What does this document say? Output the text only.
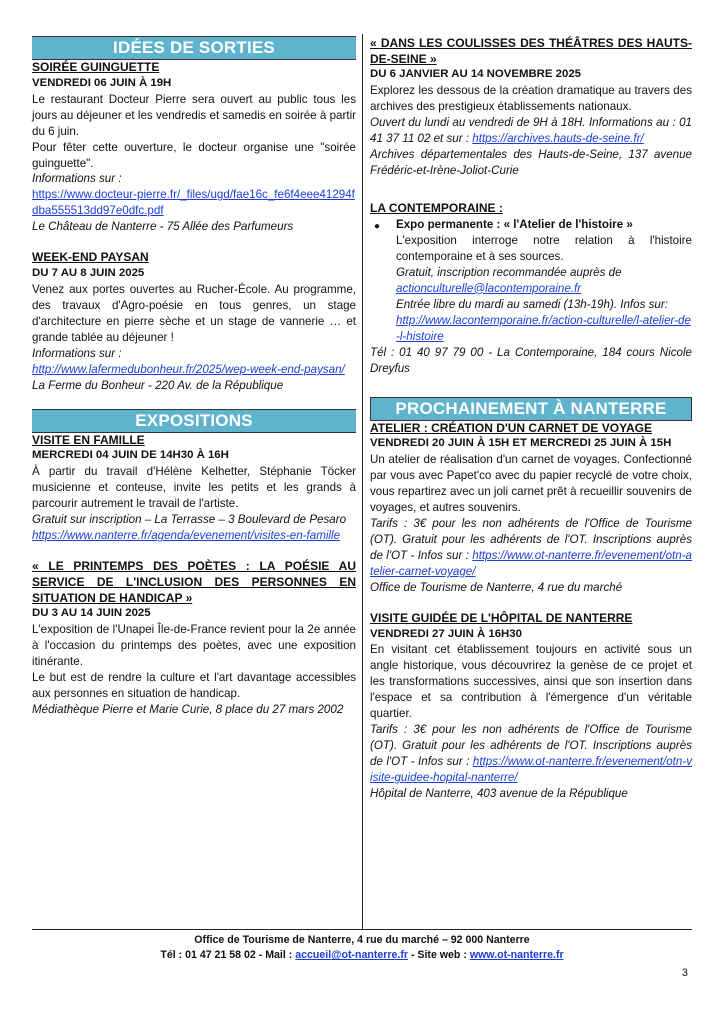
IDÉES DE SORTIES
SOIRÉE GUINGUETTE
VENDREDI 06 JUIN À 19H

Le restaurant Docteur Pierre sera ouvert au public tous les jours au déjeuner et les vendredis et samedis en soirée à partir du 6 juin.

Pour fêter cette ouverture, le docteur organise une "soirée guinguette".

Informations sur :

https://www.docteur-pierre.fr/_files/ugd/fae16c_fe6f4eee41294fdba555513dd97e0dfc.pdf

Le Château de Nanterre - 75 Allée des Parfumeurs

WEEK-END PAYSAN
DU 7 AU 8 JUIN 2025

Venez aux portes ouvertes au Rucher-École. Au programme, des travaux d'Agro-poésie en tous genres, un stage d'architecture en pierre sèche et un stage de vannerie … et grande tablée au déjeuner !

Informations sur :

http://www.lafermedubonheur.fr/2025/wep-week-end-paysan/

La Ferme du Bonheur - 220 Av. de la République

EXPOSITIONS
VISITE EN FAMILLE
MERCREDI 04 JUIN DE 14H30 À 16H

À partir du travail d'Hélène Kelhetter, Stéphanie Töcker musicienne et conteuse, invite les petits et les grands à parcourir autrement le travail de l'artiste.

Gratuit sur inscription – La Terrasse – 3 Boulevard de Pesaro

https://www.nanterre.fr/agenda/evenement/visites-en-famille

« LE PRINTEMPS DES POÈTES : LA POÉSIE AU SERVICE DE L'INCLUSION DES PERSONNES EN SITUATION DE HANDICAP »
DU 3 AU 14 JUIN 2025

L'exposition de l'Unapei Île-de-France revient pour la 2e année à l'occasion du printemps des poètes, avec une exposition itinérante.

Le but est de rendre la culture et l'art davantage accessibles aux personnes en situation de handicap.

Médiathèque Pierre et Marie Curie, 8 place du 27 mars 2002

« DANS LES COULISSES DES THÉÂTRES DES HAUTS-DE-SEINE »
DU 6 JANVIER AU 14 NOVEMBRE 2025

Explorez les dessous de la création dramatique au travers des archives des prestigieux établissements nationaux.

Ouvert du lundi au vendredi de 9H à 18H. Informations au : 01 41 37 11 02 et sur : https://archives.hauts-de-seine.fr/

Archives départementales des Hauts-de-Seine, 137 avenue Frédéric-et-Irène-Joliot-Curie

LA CONTEMPORAINE :
●	Expo permanente : « l'Atelier de l'histoire »

L'exposition interroge notre relation à l'histoire contemporaine et à ses sources.

Gratuit, inscription recommandée auprès de

actionculturelle@lacontemporaine.fr

Entrée libre du mardi au samedi (13h-19h). Infos sur:

http://www.lacontemporaine.fr/action-culturelle/l-atelier-de-l-histoire

Tél : 01 40 97 79 00 - La Contemporaine, 184 cours Nicole Dreyfus

PROCHAINEMENT À NANTERRE
ATELIER : CRÉATION D'UN CARNET DE VOYAGE
VENDREDI 20 JUIN À 15H ET MERCREDI 25 JUIN À 15H

Un atelier de réalisation d'un carnet de voyages. Confectionné par vous avec Papet'co avec du papier recyclé de votre choix, vous repartirez avec un joli carnet prêt à recueillir souvenirs de voyages, et autres souvenirs.

Tarifs : 3€ pour les non adhérents de l'Office de Tourisme (OT). Gratuit pour les adhérents de l'OT. Inscriptions auprès de l'OT - Infos sur : https://www.ot-nanterre.fr/evenement/otn-atelier-carnet-voyage/

Office de Tourisme de Nanterre, 4 rue du marché

VISITE GUIDÉE DE L'HÔPITAL DE NANTERRE
VENDREDI 27 JUIN À 16H30

En visitant cet établissement toujours en activité sous un angle historique, vous découvrirez la genèse de ce projet et les transformations successives, ainsi que son insertion dans l'espace et sa contribution à l'émergence d'un véritable quartier.

Tarifs : 3€ pour les non adhérents de l'Office de Tourisme (OT). Gratuit pour les adhérents de l'OT. Inscriptions auprès de l'OT - Infos sur : https://www.ot-nanterre.fr/evenement/otn-visite-guidee-hopital-nanterre/

Hôpital de Nanterre, 403 avenue de la République

Office de Tourisme de Nanterre, 4 rue du marché – 92 000 Nanterre
Tél : 01 47 21 58 02 - Mail : accueil@ot-nanterre.fr - Site web : www.ot-nanterre.fr
3
